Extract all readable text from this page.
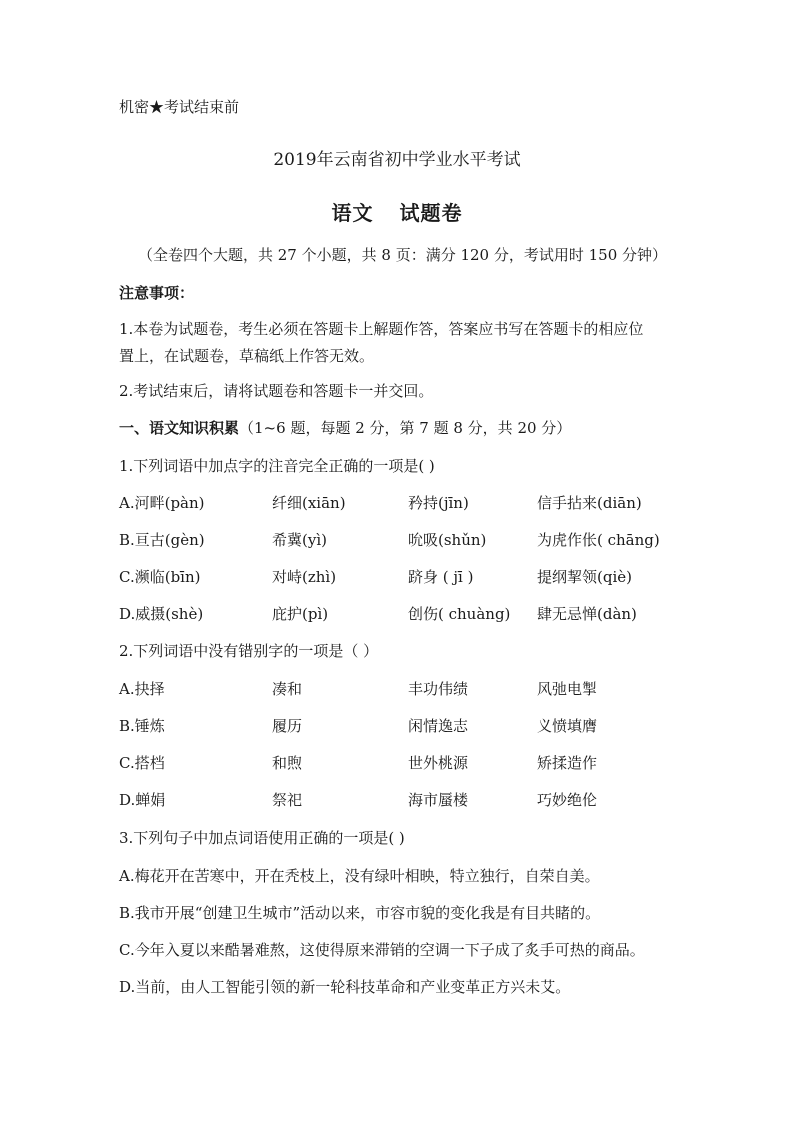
机密★考试结束前
2019年云南省初中学业水平考试
语文 试题卷
（全卷四个大题，共 27 个小题，共 8 页：满分 120 分，考试用时 150 分钟）
注意事项：
1.本卷为试题卷，考生必须在答题卡上解题作答，答案应书写在答题卡的相应位
置上，在试题卷，草稿纸上作答无效。
2.考试结束后，请将试题卷和答题卡一并交回。
一、语文知识积累（1~6 题，每题 2 分，第 7 题 8 分，共 20 分）
1.下列词语中加点字的注音完全正确的一项是( )
A.河畔(pàn)	纤细(xiān)	矜持(jīn)	信手拈来(diān)
B.亘古(gèn)	希冀(yì)	吮吸(shǔn)	为虎作伥( chāng)
C.濒临(bīn)	对峙(zhì)	跻身 ( jī )	提纲挈领(qiè)
D.威摄(shè)	庇护(pì)	创伤( chuàng) 肆无忌惮(dàn)
2.下列词语中没有错别字的一项是（ ）
A.抉择	凑和	丰功伟绩	风弛电掣
B.锤炼	履历	闲情逸志	义愤填膺
C.搭档	和煦	世外桃源	矫揉造作
D.蝉娟	祭祀	海市蜃楼	巧妙绝伦
3.下列句子中加点词语使用正确的一项是( )
A.梅花开在苦寒中，开在秃枝上，没有绿叶相映，特立独行，自荣自美。
B.我市开展“创建卫生城市”活动以来，市容市貌的变化我是有目共睹的。
C.今年入夏以来酷暑难熬，这使得原来滞销的空调一下子成了炙手可热的商品。
D.当前，由人工智能引领的新一轮科技革命和产业变革正方兴未艾。
